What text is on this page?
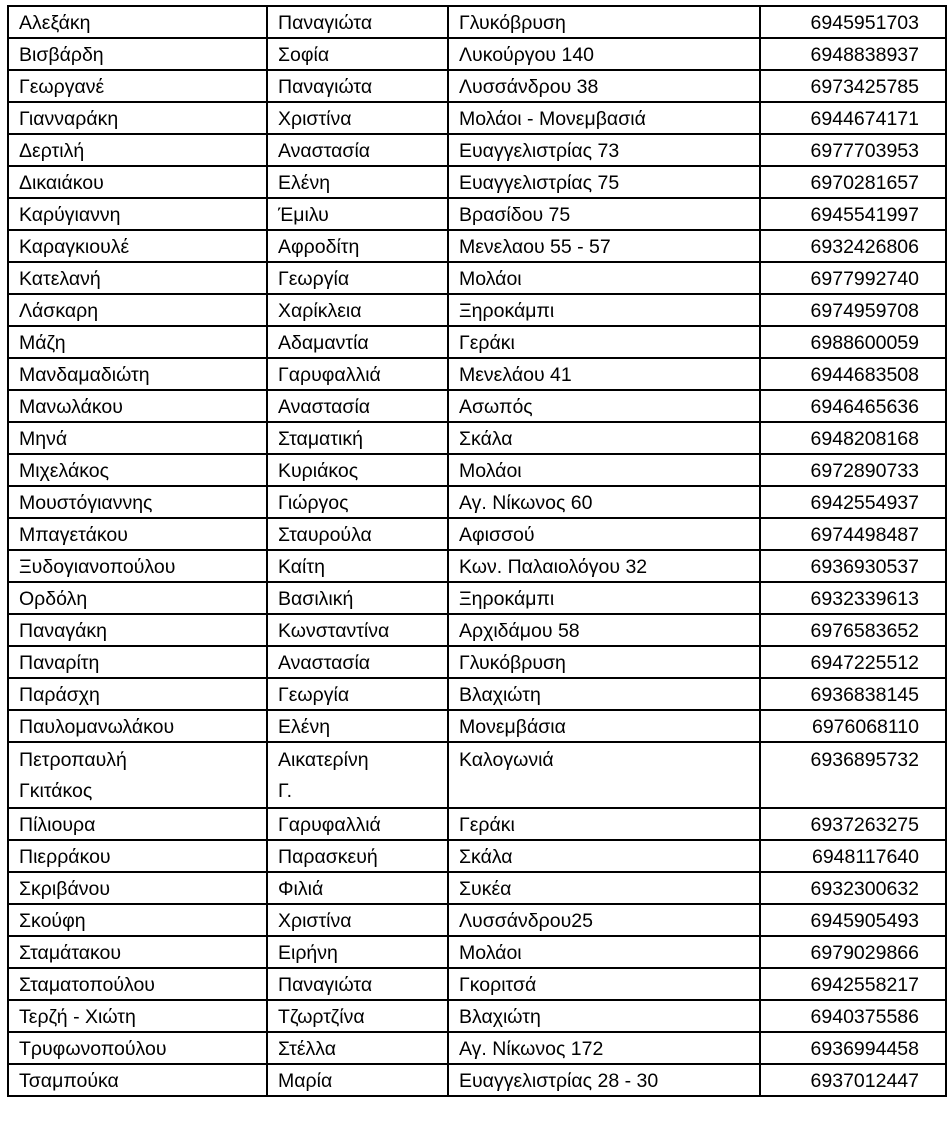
Αλεξάκη	Παναγιώτα	Γλυκόβρυση	6945951703
Βισβάρδη	Σοφία	Λυκούργου 140	6948838937
Γεωργανέ	Παναγιώτα	Λυσσάνδρου 38	6973425785
Γιανναράκη	Χριστίνα	Μολάοι - Μονεμβασιά	6944674171
Δερτιλή	Αναστασία	Ευαγγελιστρίας 73	6977703953
Δικαιάκου	Ελένη	Ευαγγελιστρίας 75	6970281657
Καρύγιαννη	Έμιλυ	Βρασίδου 75	6945541997
Καραγκιουλέ	Αφροδίτη	Μενελαου 55 - 57	6932426806
Κατελανή	Γεωργία	Μολάοι	6977992740
Λάσκαρη	Χαρίκλεια	Ξηροκάμπι	6974959708
Μάζη	Αδαμαντία	Γεράκι	6988600059
Μανδαμαδιώτη	Γαρυφαλλιά	Μενελάου 41	6944683508
Μανωλάκου	Αναστασία	Ασωπός	6946465636
Μηνά	Σταματική	Σκάλα	6948208168
Μιχελάκος	Κυριάκος	Μολάοι	6972890733
Μουστόγιαννης	Γιώργος	Αγ. Νίκωνος 60	6942554937
Μπαγετάκου	Σταυρούλα	Αφισσού	6974498487
Ξυδογιανοπούλου	Καίτη	Κων. Παλαιολόγου 32	6936930537
Ορδόλη	Βασιλική	Ξηροκάμπι	6932339613
Παναγάκη	Κωνσταντίνα	Αρχιδάμου 58	6976583652
Παναρίτη	Αναστασία	Γλυκόβρυση	6947225512
Παράσχη	Γεωργία	Βλαχιώτη	6936838145
Παυλομανωλάκου	Ελένη	Μονεμβάσια	6976068110
Πετροπαυλή Γκιτάκος	Αικατερίνη Γ.	Καλογωνιά	6936895732
Πίλιουρα	Γαρυφαλλιά	Γεράκι	6937263275
Πιερράκου	Παρασκευή	Σκάλα	6948117640
Σκριβάνου	Φιλιά	Συκέα	6932300632
Σκούφη	Χριστίνα	Λυσσάνδρου25	6945905493
Σταμάτακου	Ειρήνη	Μολάοι	6979029866
Σταματοπούλου	Παναγιώτα	Γκοριτσά	6942558217
Τερζή - Χιώτη	Τζωρτζίνα	Βλαχιώτη	6940375586
Τρυφωνοπούλου	Στέλλα	Αγ. Νίκωνος 172	6936994458
Τσαμπούκα	Μαρία	Ευαγγελιστρίας 28 - 30	6937012447
